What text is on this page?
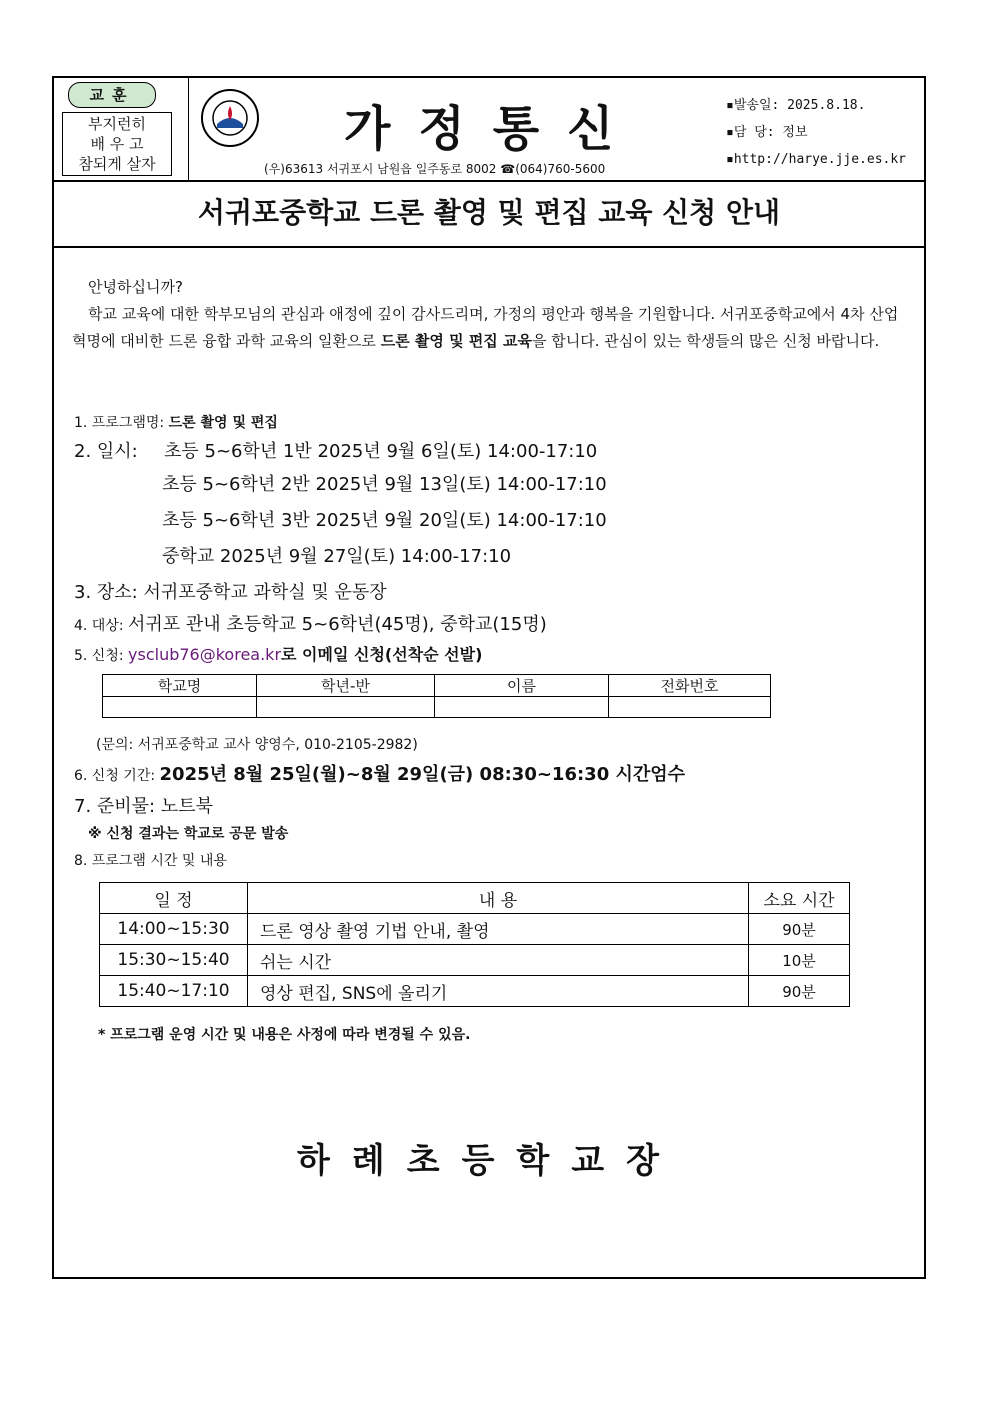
교훈
부지런히
배 우 고
참되게 살자
가정통신
(우)63613 서귀포시 남원읍 일주동로 8002 ☎(064)760-5600
▪발송일: 2025.8.18.
▪담 당: 정보
▪http://harye.jje.es.kr
서귀포중학교 드론 촬영 및 편집 교육 신청 안내
안녕하십니까?
학교 교육에 대한 학부모님의 관심과 애정에 깊이 감사드리며, 가정의 평안과 행복을 기원합니다. 서귀포중학교에서 4차 산업혁명에 대비한 드론 융합 과학 교육의 일환으로 드론 촬영 및 편집 교육을 합니다. 관심이 있는 학생들의 많은 신청 바랍니다.
1. 프로그램명: 드론 촬영 및 편집
2. 일시: 초등 5~6학년 1반 2025년 9월 6일(토) 14:00-17:10
초등 5~6학년 2반 2025년 9월 13일(토) 14:00-17:10
초등 5~6학년 3반 2025년 9월 20일(토) 14:00-17:10
중학교 2025년 9월 27일(토) 14:00-17:10
3. 장소: 서귀포중학교 과학실 및 운동장
4. 대상: 서귀포 관내 초등학교 5~6학년(45명), 중학교(15명)
5. 신청: ysclub76@korea.kr로 이메일 신청(선착순 선발)
학교명	학년-반	이름	전화번호

(문의: 서귀포중학교 교사 양영수, 010-2105-2982)
6. 신청 기간: 2025년 8월 25일(월)~8월 29일(금) 08:30~16:30 시간엄수
7. 준비물: 노트북
※ 신청 결과는 학교로 공문 발송
8. 프로그램 시간 및 내용
일 정	내 용	소요 시간
14:00~15:30	드론 영상 촬영 기법 안내, 촬영	90분
15:30~15:40	쉬는 시간	10분
15:40~17:10	영상 편집, SNS에 올리기	90분
* 프로그램 운영 시간 및 내용은 사정에 따라 변경될 수 있음.
하례초등학교장
